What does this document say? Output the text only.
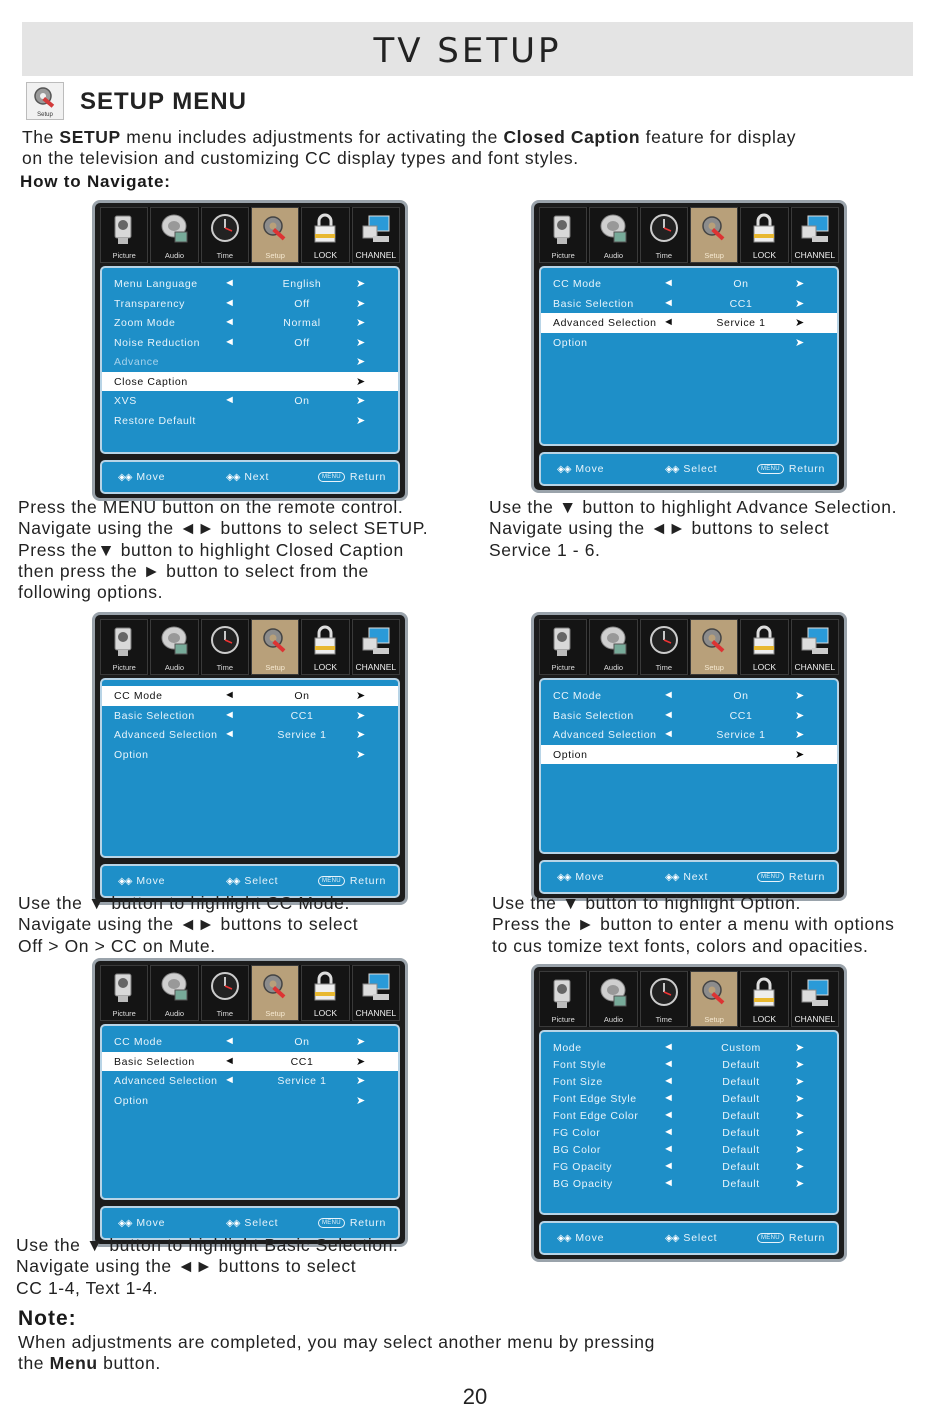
TV SETUP
Setup	SETUP MENU
The SETUP menu includes adjustments for activating the Closed Caption feature for display
on the television and customizing CC display types and font styles.
How to Navigate:
Picture	Audio	Time	Setup	LOCK	CHANNEL
Menu Language ◄	English	➤
Transparency	◄	Off	➤
Zoom Mode	◄	Normal	➤
Noise Reduction ◄	Off	➤
Advance	➤
Close Caption	➤
XVS	◄	On	➤
Restore Default	➤
◈◈ Move	◈◈ Next	MENU Return
Picture	Audio	Time	Setup	LOCK	CHANNEL
CC Mode	◄	On	➤
Basic Selection	◄	CC1	➤
Advanced Selection ◄	Service 1	➤
Option	➤
◈◈ Move	◈◈ Select	MENU Return
Picture	Audio	Time	Setup	LOCK	CHANNEL
CC Mode	◄	On	➤
Basic Selection	◄	CC1	➤
Advanced Selection ◄	Service 1	➤
Option	➤
◈◈ Move	◈◈ Select	MENU Return
Picture	Audio	Time	Setup	LOCK	CHANNEL
CC Mode	◄	On	➤
Basic Selection	◄	CC1	➤
Advanced Selection ◄	Service 1	➤
Option	➤
◈◈ Move	◈◈ Next	MENU Return
Picture	Audio	Time	Setup	LOCK	CHANNEL
CC Mode	◄	On	➤
Basic Selection	◄	CC1	➤
Advanced Selection ◄	Service 1	➤
Option	➤
◈◈ Move	◈◈ Select	MENU Return
Picture	Audio	Time	Setup	LOCK	CHANNEL
Mode	◄	Custom	➤
Font Style	◄	Default	➤
Font Size	◄	Default	➤
Font Edge Style ◄	Default	➤
Font Edge Color ◄	Default	➤
FG Color	◄	Default	➤
BG Color	◄	Default	➤
FG Opacity	◄	Default	➤
BG Opacity	◄	Default	➤
◈◈ Move	◈◈ Select	MENU Return
Press the MENU button on the remote control.
Navigate using the ◄► buttons to select SETUP.
Press the▼ button to highlight Closed Caption
then press the ► button to select from the
following options.
Use the ▼ button to highlight Advance Selection.
Navigate using the ◄► buttons to select
Service 1 - 6.
Use the ▼ button to highlight CC Mode.
Navigate using the ◄► buttons to select
Off > On > CC on Mute.
Use the ▼ button to highlight Option.
Press the ► button to enter a menu with options
to cus tomize text fonts, colors and opacities.
Use the ▼ button to highlight Basic Selection.
Navigate using the ◄► buttons to select
CC 1-4, Text 1-4.
Note:
When adjustments are completed, you may select another menu by pressing
the Menu button.
20
